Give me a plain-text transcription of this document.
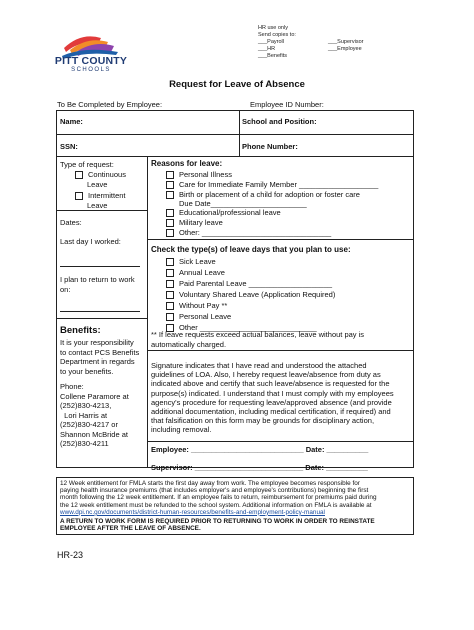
PITT COUNTY
SCHOOLS
HR use only
Send copies to:
___Payroll
___HR
___Benefits
___Supervisor
___Employee
Request for Leave of Absence
To Be Completed by Employee:	Employee ID Number:
Name:	School and Position:
SSN:	Phone Number:
Type of request:
Continuous
Leave
Intermittent
Leave
Reasons for leave:
Personal Illness
Care for Immediate Family Member ___________________
Birth or placement of a child for adoption or foster care
Due Date_______________________
Educational/professional leave
Military leave
Other: _______________________________
Dates:
Last day I worked:
I plan to return to work
on:
Check the type(s) of leave days that you plan to use:
Sick Leave
Annual Leave
Paid Parental Leave ____________________
Voluntary Shared Leave (Application Required)
Without Pay **
Personal Leave
Other ____________________________
** If leave requests exceed actual balances, leave without pay is
automatically charged.
Benefits:
It is your responsibility
to contact PCS Benefits
Department in regards
to your benefits.
Phone:
Collene Paramore at
(252)830-4213,
Lori Harris at
(252)830-4217 or
Shannon McBride at
(252)830-4211
Signature indicates that I have read and understood the attached
guidelines of LOA. Also, I hereby request leave/absence from duty as
indicated above and certify that such leave/absence is requested for the
purpose(s) indicated. I understand that I must comply with my employees
agency's procedure for requesting leave/approved absence (and provide
additional documentation, including medical certification, if required) and
that falsification on this form may be grounds for disciplinary action,
including removal.
Employee: ___________________________ Date: __________
Supervisor: __________________________ Date: __________
12 Week entitlement for FMLA starts the first day away from work. The employee becomes responsible for
paying health insurance premiums (that includes employer's and employee's contributions) beginning the first
month following the 12 week entitlement. If an employee fails to return, reimbursement for premiums paid during
the 12 week entitlement must be refunded to the school system. Additional information on FMLA is available at
www.dpi.nc.gov/documents/district-human-resources/benefits-and-employment-policy-manual
A RETURN TO WORK FORM IS REQUIRED PRIOR TO RETURNING TO WORK IN ORDER TO REINSTATE
EMPLOYEE AFTER THE LEAVE OF ABSENCE.
HR-23
